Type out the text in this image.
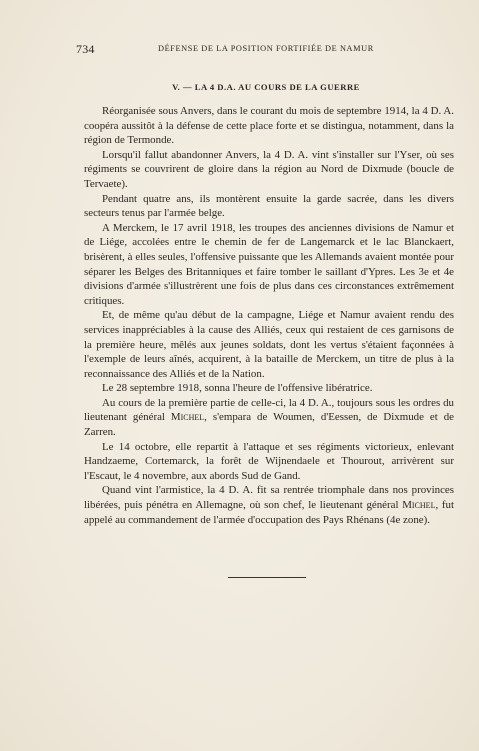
734	DÉFENSE DE LA POSITION FORTIFIÉE DE NAMUR
V. — LA 4 D.A. AU COURS DE LA GUERRE

Réorganisée sous Anvers, dans le courant du mois de septembre 1914, la 4 D. A. coopéra aussitôt à la défense de cette place forte et se distingua, notamment, dans la région de Termonde.

Lorsqu'il fallut abandonner Anvers, la 4 D. A. vint s'installer sur l'Yser, où ses régiments se couvrirent de gloire dans la région au Nord de Dixmude (boucle de Tervaete).

Pendant quatre ans, ils montèrent ensuite la garde sacrée, dans les divers secteurs tenus par l'armée belge.

A Merckem, le 17 avril 1918, les troupes des anciennes divisions de Namur et de Liége, accolées entre le chemin de fer de Langemarck et le lac Blanckaert, brisèrent, à elles seules, l'offensive puissante que les Allemands avaient montée pour séparer les Belges des Britanniques et faire tomber le saillant d'Ypres. Les 3e et 4e divisions d'armée s'illustrèrent une fois de plus dans ces circonstances extrêmement critiques.

Et, de même qu'au début de la campagne, Liége et Namur avaient rendu des services inappréciables à la cause des Alliés, ceux qui restaient de ces garnisons de la première heure, mêlés aux jeunes soldats, dont les vertus s'étaient façonnées à l'exemple de leurs aînés, acquirent, à la bataille de Merckem, un titre de plus à la reconnaissance des Alliés et de la Nation.

Le 28 septembre 1918, sonna l'heure de l'offensive libératrice.

Au cours de la première partie de celle-ci, la 4 D. A., toujours sous les ordres du lieutenant général Michel, s'empara de Woumen, d'Eessen, de Dixmude et de Zarren.

Le 14 octobre, elle repartit à l'attaque et ses régiments victorieux, enlevant Handzaeme, Cortemarck, la forêt de Wijnendaele et Thourout, arrivèrent sur l'Escaut, le 4 novembre, aux abords Sud de Gand.

Quand vint l'armistice, la 4 D. A. fit sa rentrée triomphale dans nos provinces libérées, puis pénétra en Allemagne, où son chef, le lieutenant général Michel, fut appelé au commandement de l'armée d'occupation des Pays Rhénans (4e zone).
